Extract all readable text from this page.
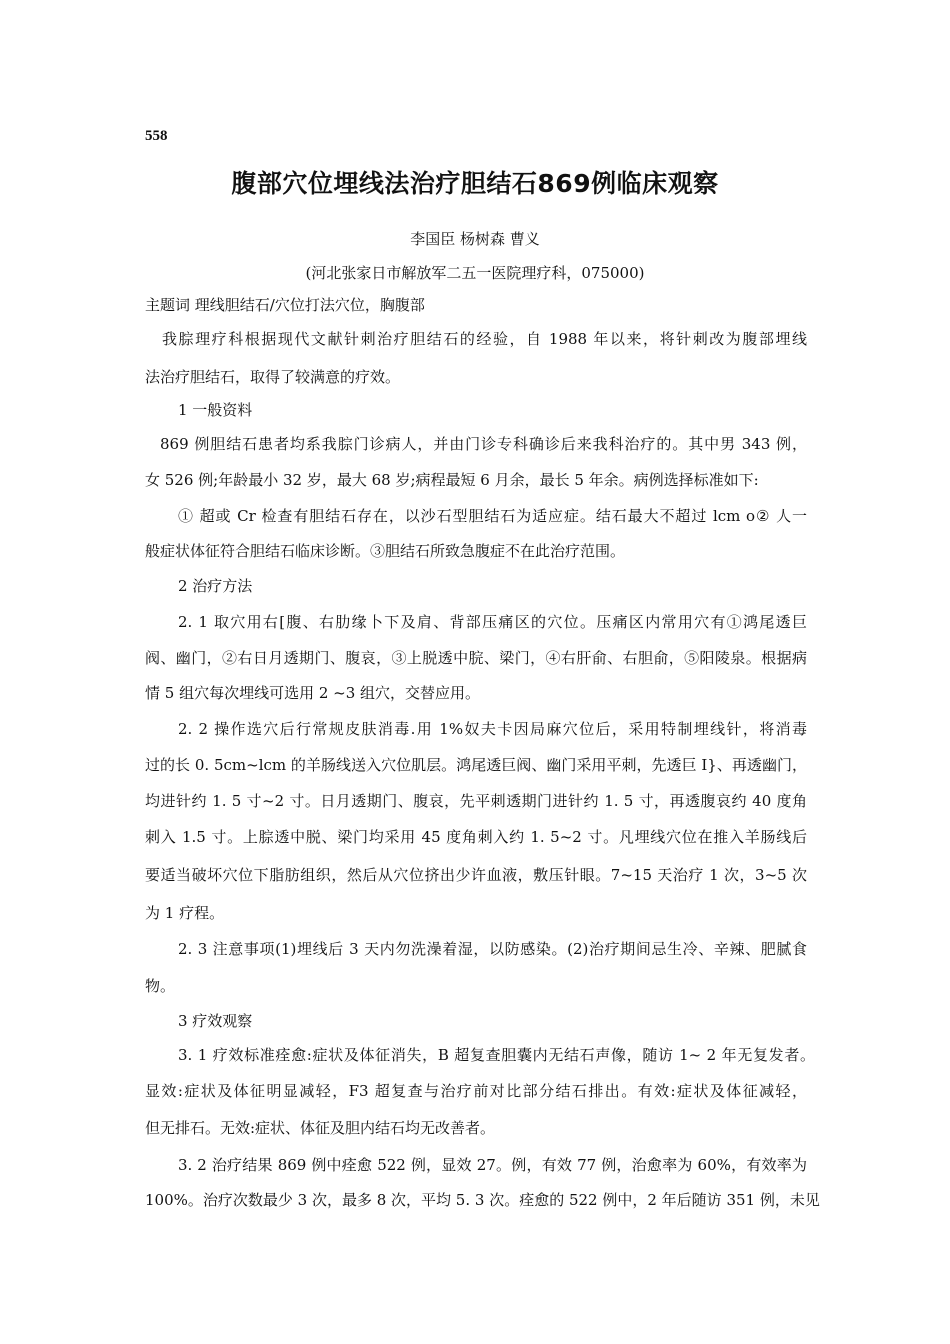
558
腹部穴位埋线法治疗胆结石869例临床观察
李国臣 杨树森 曹义
(河北张家日市解放军二五一医院理疗科，075000)
主题词 理线胆结石/穴位打法穴位，胸腹部
我腙理疗科根据现代文献针刺治疗胆结石的经验，自 1988 年以来，将针刺改为腹部埋线
法治疗胆结石，取得了较满意的疗效。
1 一般资料
869 例胆结石患者均系我腙门诊病人，并由门诊专科确诊后来我科治疗的。其中男 343 例，
女 526 例;年龄最小 32 岁，最大 68 岁;病程最短 6 月余，最长 5 年余。病例选择标准如下:
① 超或 Cr 检查有胆结石存在，以沙石型胆结石为适应症。结石最大不超过 lcm o② 人一
般症状体征符合胆结石临床诊断。③胆结石所致急腹症不在此治疗范围。
2 治疗方法
2. 1 取穴用右[腹、右肋缘卜下及肩、背部压痛区的穴位。压痛区内常用穴有①鸿尾透巨
阀、幽门，②右日月透期门、腹哀，③上脱透中脘、梁门，④右肝俞、右胆俞，⑤阳陵泉。根据病
情 5 组穴每次埋线可选用 2 ~3 组穴，交替应用。
2. 2 操作选穴后行常规皮肤消毒.用 1%奴夫卡因局麻穴位后，采用特制埋线针，将消毒
过的长 0. 5cm~lcm 的羊肠线送入穴位肌层。鸿尾透巨阀、幽门采用平刺，先透巨 I}、再透幽门，
均进针约 1. 5 寸~2 寸。日月透期门、腹哀，先平刺透期门进针约 1. 5 寸，再透腹哀约 40 度角
刺入 1.5 寸。上腙透中脱、梁门均采用 45 度角刺入约 1. 5~2 寸。凡埋线穴位在推入羊肠线后
要适当破坏穴位下脂肪组织，然后从穴位挤出少许血液，敷压针眼。7~15 天治疗 1 次，3~5 次
为 1 疗程。
2. 3 注意事项(1)埋线后 3 天内勿洗澡着湿，以防感染。(2)治疗期间忌生冷、辛辣、肥腻食
物。
3 疗效观察
3. 1 疗效标准痊愈:症状及体征消失，B 超复查胆囊内无结石声像，随访 1~ 2 年无复发者。
显效:症状及体征明显减轻，F3 超复查与治疗前对比部分结石排出。有效:症状及体征减轻，
但无排石。无效:症状、体征及胆内结石均无改善者。
3. 2 治疗结果 869 例中痊愈 522 例，显效 27。例，有效 77 例，治愈率为 60%，有效率为
100%。治疗次数最少 3 次，最多 8 次，平均 5. 3 次。痊愈的 522 例中，2 年后随访 351 例，未见
